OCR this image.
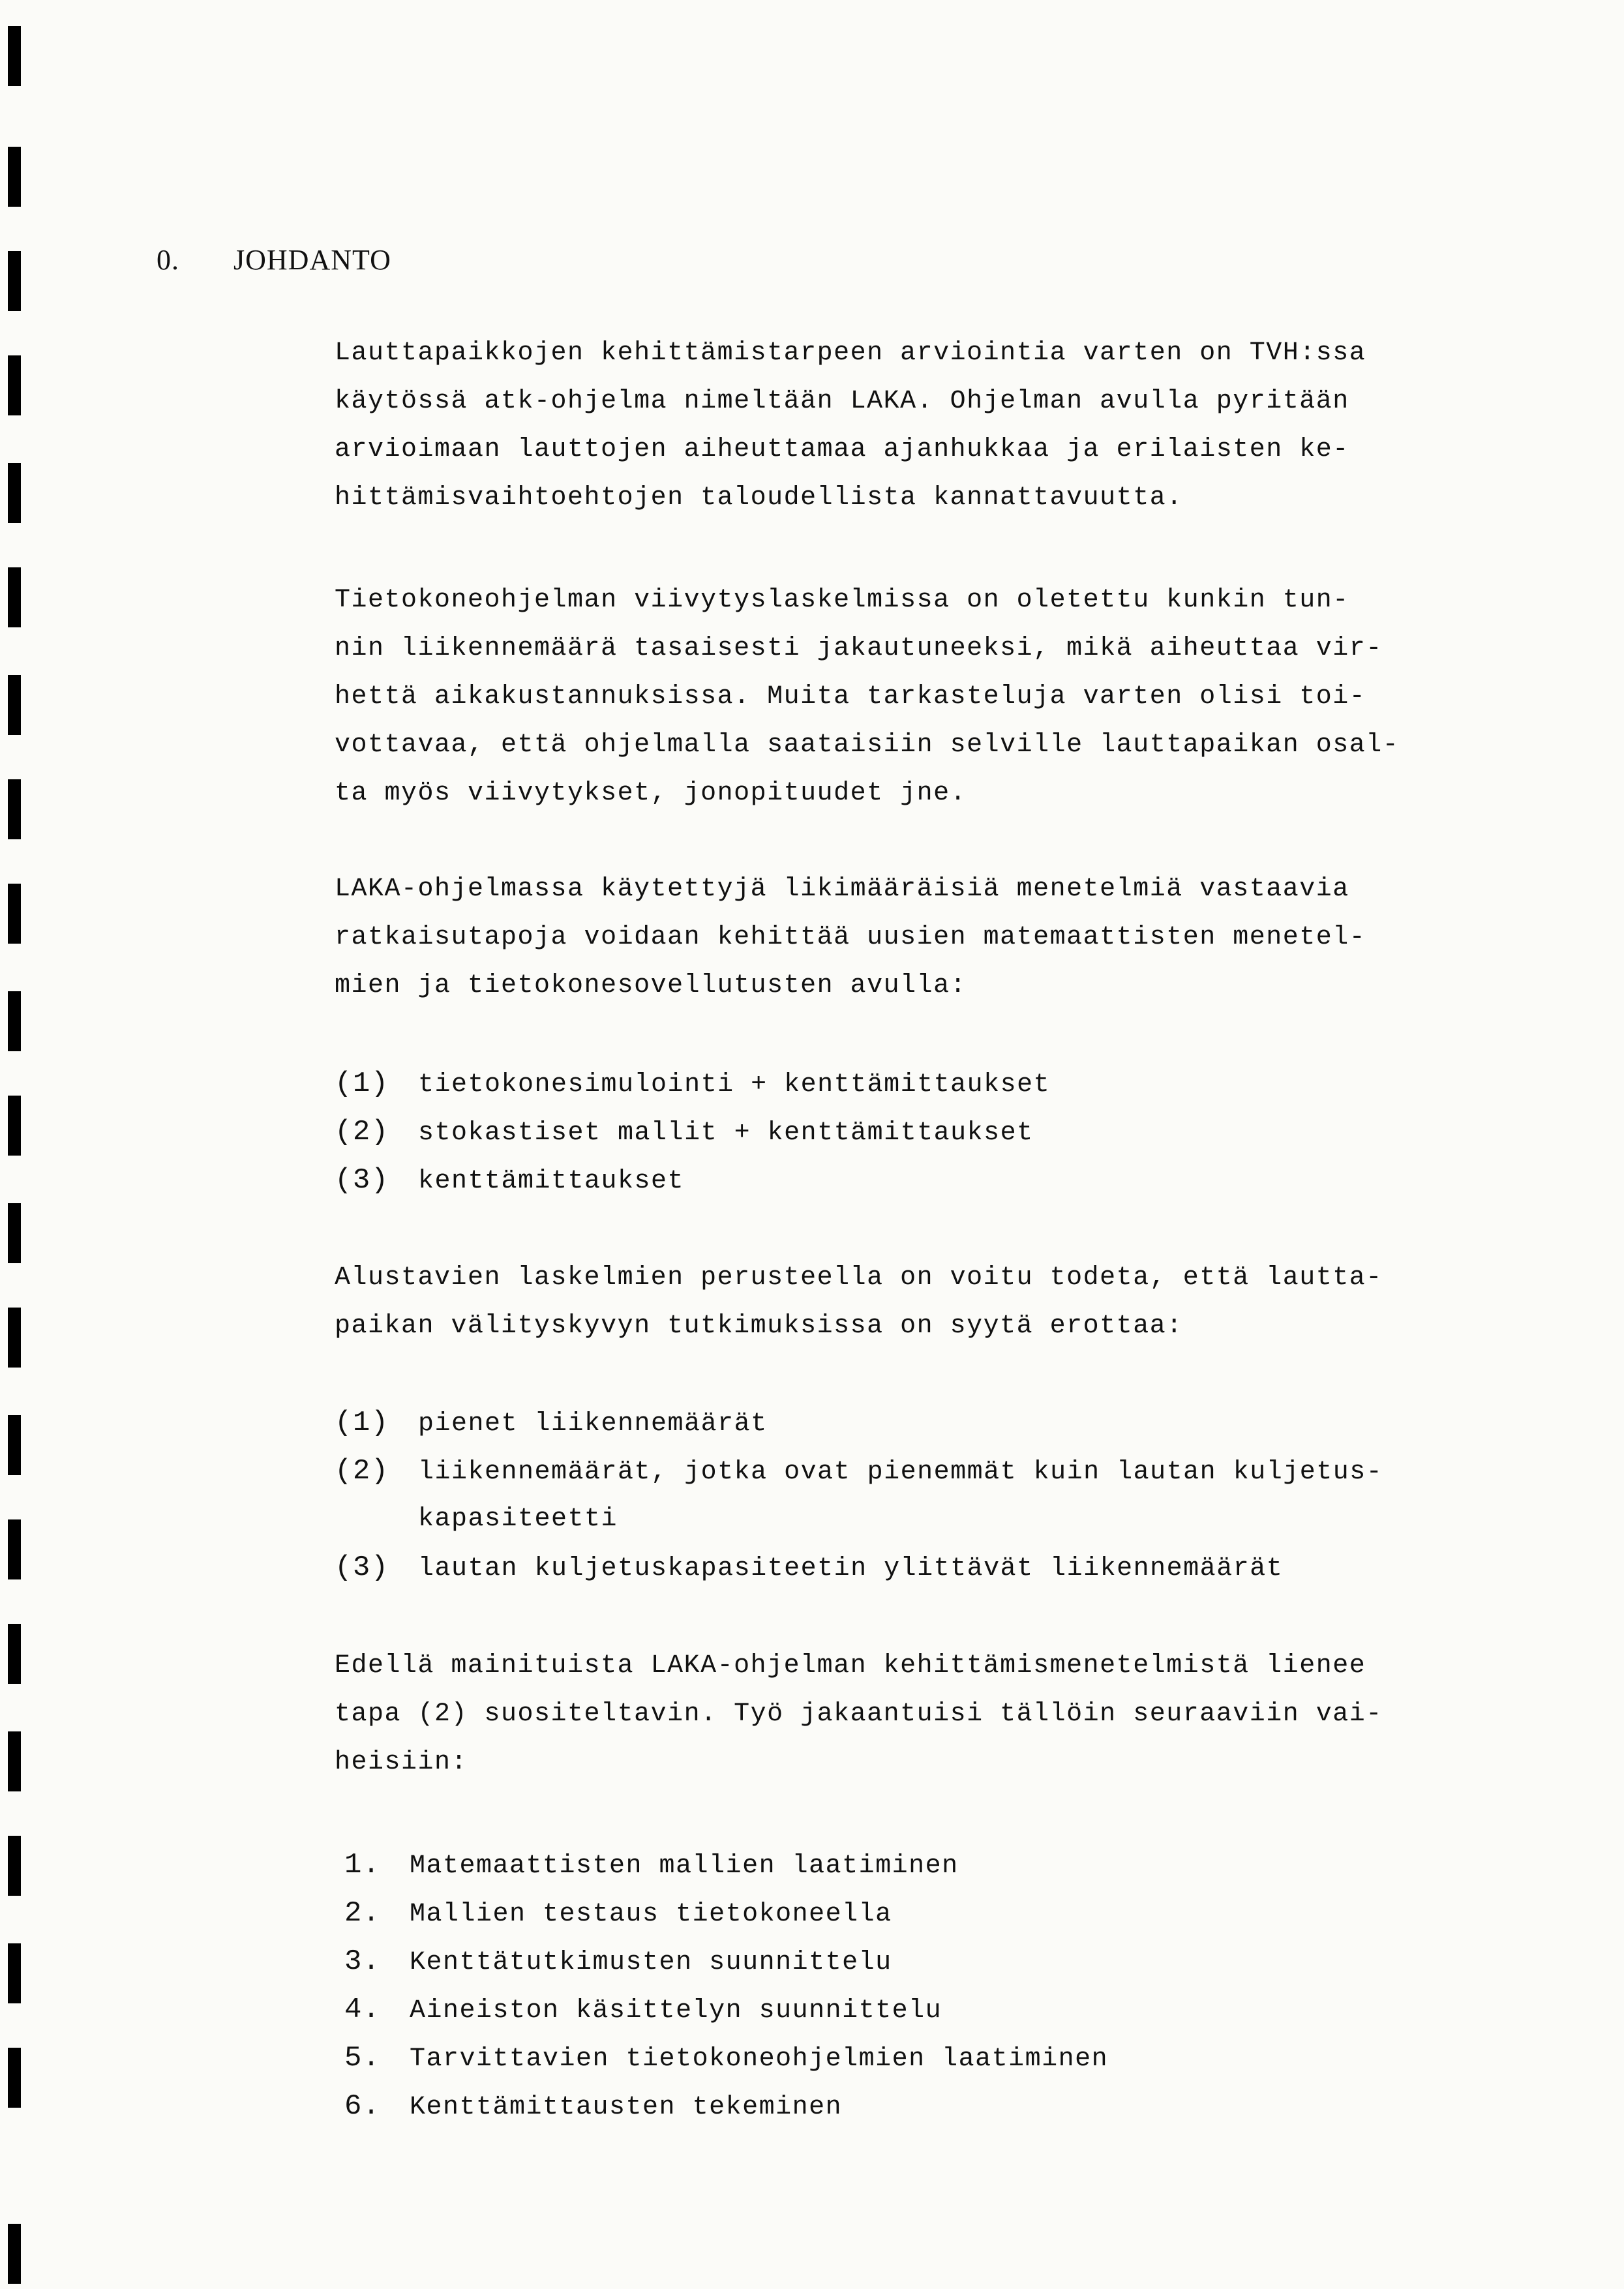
0. JOHDANTO
Lauttapaikkojen kehittämistarpeen arviointia varten on TVH:ssa
käytössä atk-ohjelma nimeltään LAKA. Ohjelman avulla pyritään
arvioimaan lauttojen aiheuttamaa ajanhukkaa ja erilaisten ke-
hittämisvaihtoehtojen taloudellista kannattavuutta.
Tietokoneohjelman viivytyslaskelmissa on oletettu kunkin tun-
nin liikennemäärä tasaisesti jakautuneeksi, mikä aiheuttaa vir-
hettä aikakustannuksissa. Muita tarkasteluja varten olisi toi-
vottavaa, että ohjelmalla saataisiin selville lauttapaikan osal-
ta myös viivytykset, jonopituudet jne.
LAKA-ohjelmassa käytettyjä likimääräisiä menetelmiä vastaavia
ratkaisutapoja voidaan kehittää uusien matemaattisten menetel-
mien ja tietokonesovellutusten avulla:
(1) tietokonesimulointi + kenttämittaukset
(2) stokastiset mallit + kenttämittaukset
(3) kenttämittaukset
Alustavien laskelmien perusteella on voitu todeta, että lautta-
paikan välityskyvyn tutkimuksissa on syytä erottaa:
(1) pienet liikennemäärät
(2) liikennemäärät, jotka ovat pienemmät kuin lautan kuljetus-
kapasiteetti
(3) lautan kuljetuskapasiteetin ylittävät liikennemäärät
Edellä mainituista LAKA-ohjelman kehittämismenetelmistä lienee
tapa (2) suositeltavin. Työ jakaantuisi tällöin seuraaviin vai-
heisiin:
1. Matemaattisten mallien laatiminen
2. Mallien testaus tietokoneella
3. Kenttätutkimusten suunnittelu
4. Aineiston käsittelyn suunnittelu
5. Tarvittavien tietokoneohjelmien laatiminen
6. Kenttämittausten tekeminen
